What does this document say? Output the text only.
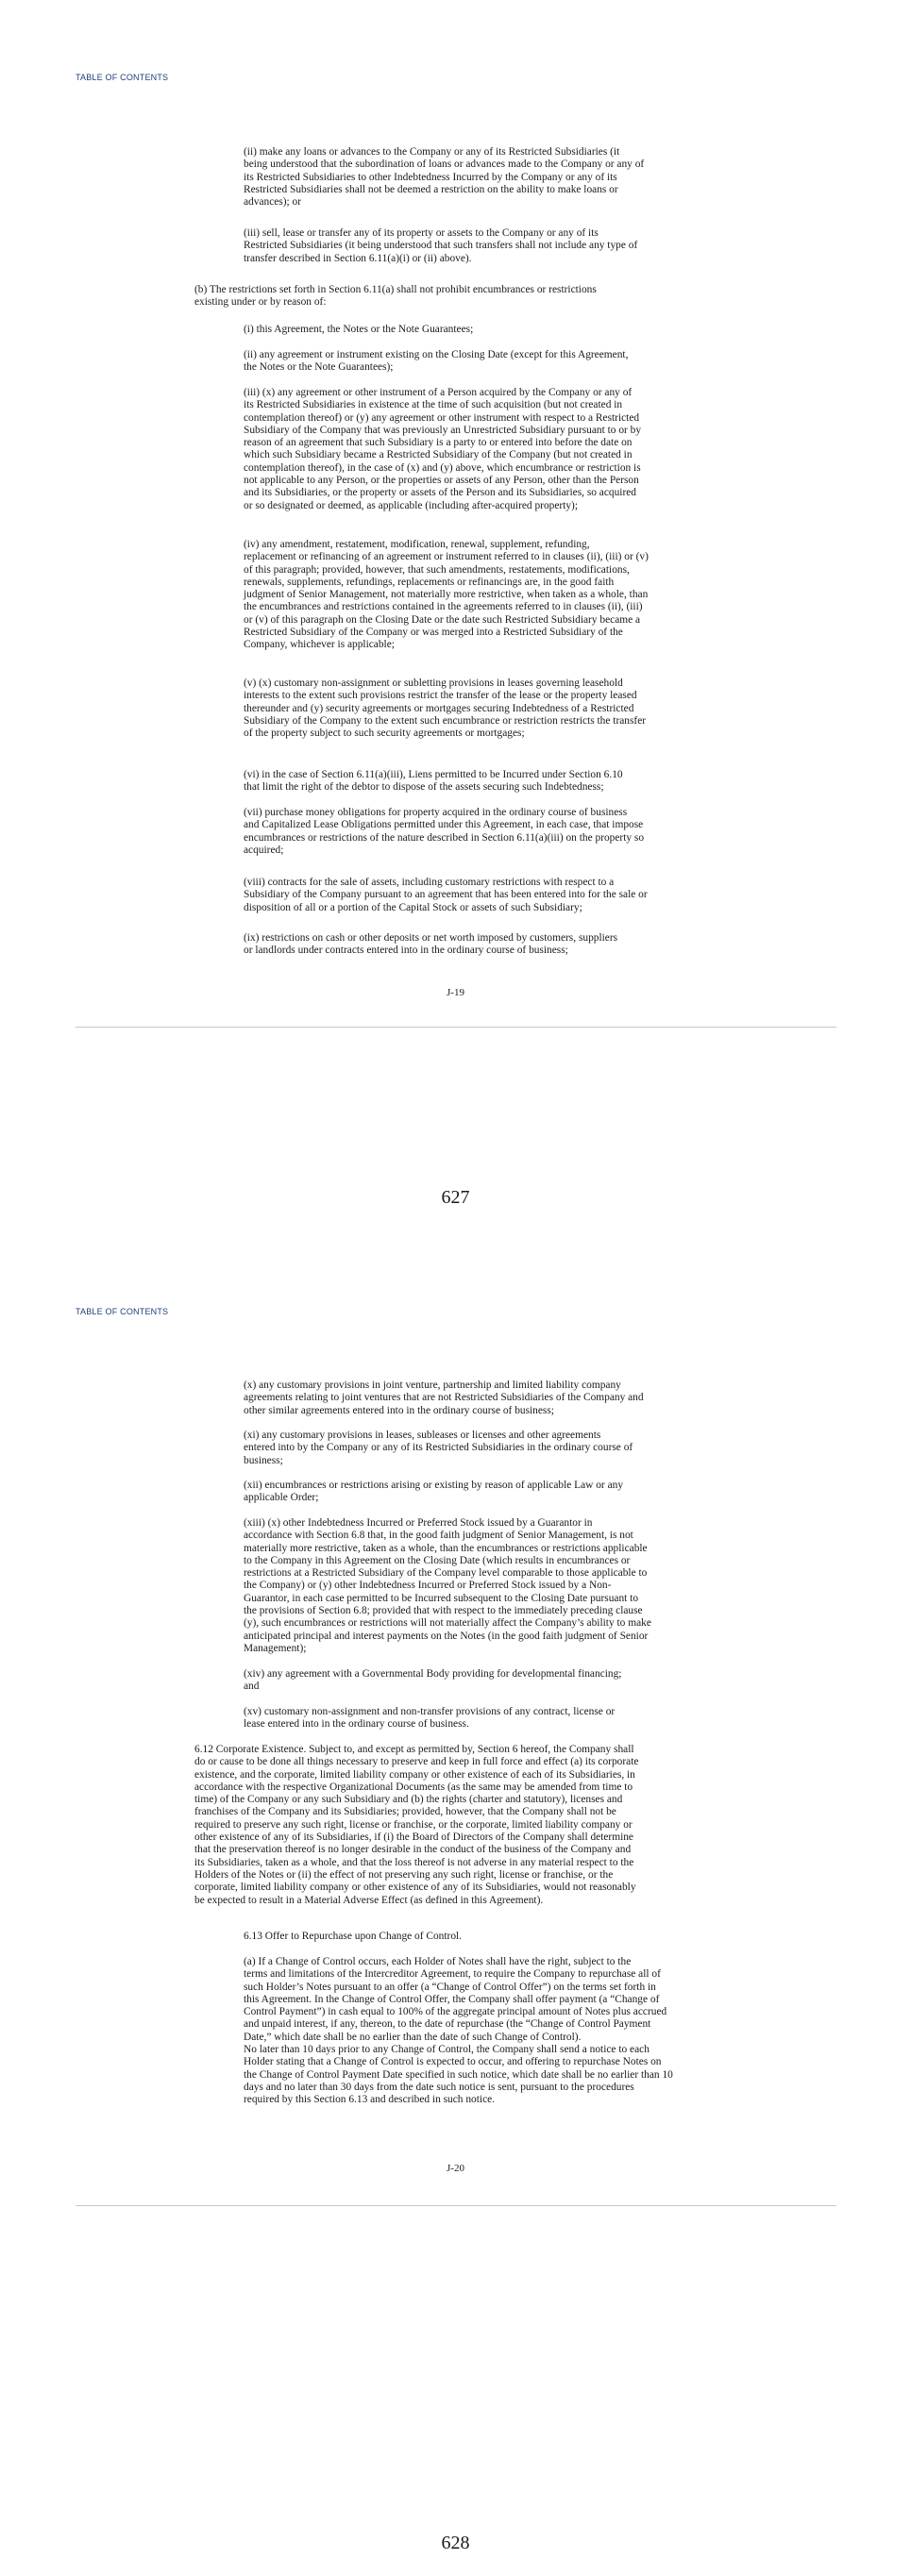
TABLE OF CONTENTS

(ii) make any loans or advances to the Company or any of its Restricted Subsidiaries (it
being understood that the subordination of loans or advances made to the Company or any of
its Restricted Subsidiaries to other Indebtedness Incurred by the Company or any of its
Restricted Subsidiaries shall not be deemed a restriction on the ability to make loans or
advances); or

(iii) sell, lease or transfer any of its property or assets to the Company or any of its
Restricted Subsidiaries (it being understood that such transfers shall not include any type of
transfer described in Section 6.11(a)(i) or (ii) above).

(b) The restrictions set forth in Section 6.11(a) shall not prohibit encumbrances or restrictions
existing under or by reason of:

(i) this Agreement, the Notes or the Note Guarantees;

(ii) any agreement or instrument existing on the Closing Date (except for this Agreement,
the Notes or the Note Guarantees);

(iii) (x) any agreement or other instrument of a Person acquired by the Company or any of
its Restricted Subsidiaries in existence at the time of such acquisition (but not created in
contemplation thereof) or (y) any agreement or other instrument with respect to a Restricted
Subsidiary of the Company that was previously an Unrestricted Subsidiary pursuant to or by
reason of an agreement that such Subsidiary is a party to or entered into before the date on
which such Subsidiary became a Restricted Subsidiary of the Company (but not created in
contemplation thereof), in the case of (x) and (y) above, which encumbrance or restriction is
not applicable to any Person, or the properties or assets of any Person, other than the Person
and its Subsidiaries, or the property or assets of the Person and its Subsidiaries, so acquired
or so designated or deemed, as applicable (including after-acquired property);

(iv) any amendment, restatement, modification, renewal, supplement, refunding,
replacement or refinancing of an agreement or instrument referred to in clauses (ii), (iii) or (v)
of this paragraph; provided, however, that such amendments, restatements, modifications,
renewals, supplements, refundings, replacements or refinancings are, in the good faith
judgment of Senior Management, not materially more restrictive, when taken as a whole, than
the encumbrances and restrictions contained in the agreements referred to in clauses (ii), (iii)
or (v) of this paragraph on the Closing Date or the date such Restricted Subsidiary became a
Restricted Subsidiary of the Company or was merged into a Restricted Subsidiary of the
Company, whichever is applicable;

(v) (x) customary non-assignment or subletting provisions in leases governing leasehold
interests to the extent such provisions restrict the transfer of the lease or the property leased
thereunder and (y) security agreements or mortgages securing Indebtedness of a Restricted
Subsidiary of the Company to the extent such encumbrance or restriction restricts the transfer
of the property subject to such security agreements or mortgages;

(vi) in the case of Section 6.11(a)(iii), Liens permitted to be Incurred under Section 6.10
that limit the right of the debtor to dispose of the assets securing such Indebtedness;

(vii) purchase money obligations for property acquired in the ordinary course of business
and Capitalized Lease Obligations permitted under this Agreement, in each case, that impose
encumbrances or restrictions of the nature described in Section 6.11(a)(iii) on the property so
acquired;

(viii) contracts for the sale of assets, including customary restrictions with respect to a
Subsidiary of the Company pursuant to an agreement that has been entered into for the sale or
disposition of all or a portion of the Capital Stock or assets of such Subsidiary;

(ix) restrictions on cash or other deposits or net worth imposed by customers, suppliers
or landlords under contracts entered into in the ordinary course of business;

J-19
627
TABLE OF CONTENTS

(x) any customary provisions in joint venture, partnership and limited liability company
agreements relating to joint ventures that are not Restricted Subsidiaries of the Company and
other similar agreements entered into in the ordinary course of business;

(xi) any customary provisions in leases, subleases or licenses and other agreements
entered into by the Company or any of its Restricted Subsidiaries in the ordinary course of
business;

(xii) encumbrances or restrictions arising or existing by reason of applicable Law or any
applicable Order;

(xiii) (x) other Indebtedness Incurred or Preferred Stock issued by a Guarantor in
accordance with Section 6.8 that, in the good faith judgment of Senior Management, is not
materially more restrictive, taken as a whole, than the encumbrances or restrictions applicable
to the Company in this Agreement on the Closing Date (which results in encumbrances or
restrictions at a Restricted Subsidiary of the Company level comparable to those applicable to
the Company) or (y) other Indebtedness Incurred or Preferred Stock issued by a Non-
Guarantor, in each case permitted to be Incurred subsequent to the Closing Date pursuant to
the provisions of Section 6.8; provided that with respect to the immediately preceding clause
(y), such encumbrances or restrictions will not materially affect the Company’s ability to make
anticipated principal and interest payments on the Notes (in the good faith judgment of Senior
Management);

(xiv) any agreement with a Governmental Body providing for developmental financing;
and

(xv) customary non-assignment and non-transfer provisions of any contract, license or
lease entered into in the ordinary course of business.

6.12 Corporate Existence. Subject to, and except as permitted by, Section 6 hereof, the Company shall
do or cause to be done all things necessary to preserve and keep in full force and effect (a) its corporate
existence, and the corporate, limited liability company or other existence of each of its Subsidiaries, in
accordance with the respective Organizational Documents (as the same may be amended from time to
time) of the Company or any such Subsidiary and (b) the rights (charter and statutory), licenses and
franchises of the Company and its Subsidiaries; provided, however, that the Company shall not be
required to preserve any such right, license or franchise, or the corporate, limited liability company or
other existence of any of its Subsidiaries, if (i) the Board of Directors of the Company shall determine
that the preservation thereof is no longer desirable in the conduct of the business of the Company and
its Subsidiaries, taken as a whole, and that the loss thereof is not adverse in any material respect to the
Holders of the Notes or (ii) the effect of not preserving any such right, license or franchise, or the
corporate, limited liability company or other existence of any of its Subsidiaries, would not reasonably
be expected to result in a Material Adverse Effect (as defined in this Agreement).

6.13 Offer to Repurchase upon Change of Control.

(a) If a Change of Control occurs, each Holder of Notes shall have the right, subject to the
terms and limitations of the Intercreditor Agreement, to require the Company to repurchase all of
such Holder’s Notes pursuant to an offer (a “Change of Control Offer”) on the terms set forth in
this Agreement. In the Change of Control Offer, the Company shall offer payment (a “Change of
Control Payment”) in cash equal to 100% of the aggregate principal amount of Notes plus accrued
and unpaid interest, if any, thereon, to the date of repurchase (the “Change of Control Payment
Date,” which date shall be no earlier than the date of such Change of Control).

No later than 10 days prior to any Change of Control, the Company shall send a notice to each
Holder stating that a Change of Control is expected to occur, and offering to repurchase Notes on
the Change of Control Payment Date specified in such notice, which date shall be no earlier than 10
days and no later than 30 days from the date such notice is sent, pursuant to the procedures
required by this Section 6.13 and described in such notice.

J-20
628
